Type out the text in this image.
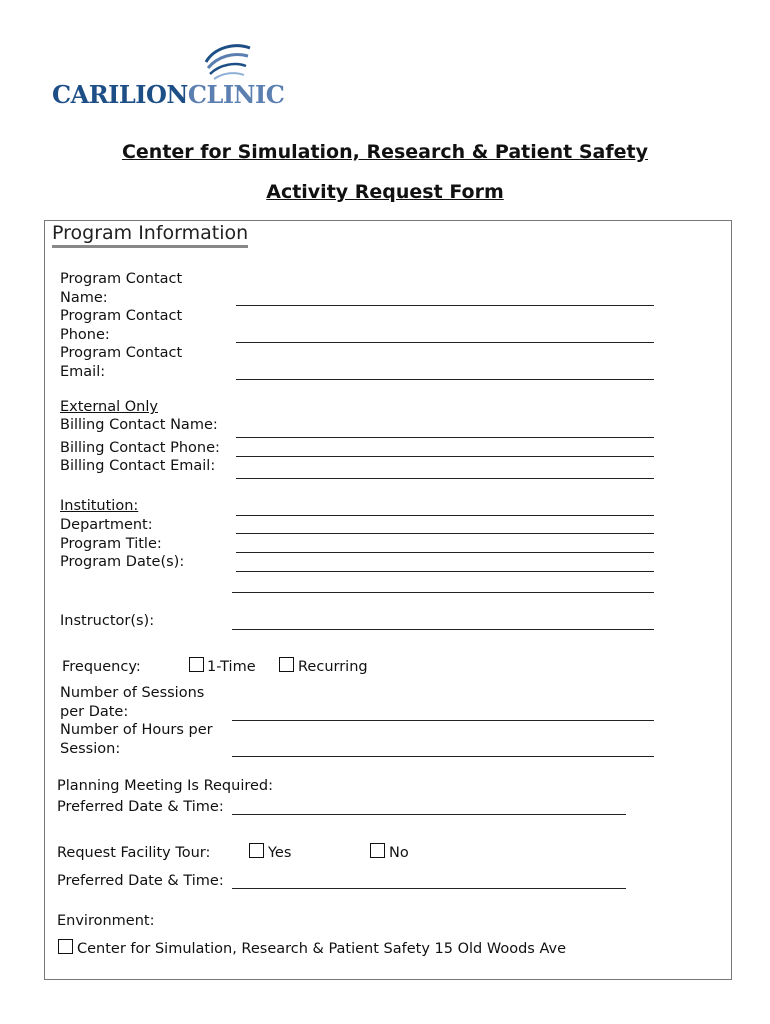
CARILIONCLINIC
Center for Simulation, Research & Patient Safety
Activity Request Form
Program Information
Program Contact
Name:
Program Contact
Phone:
Program Contact
Email:
External Only
Billing Contact Name:
Billing Contact Phone:
Billing Contact Email:
Institution:
Department:
Program Title:
Program Date(s):
Instructor(s):
Frequency:	1-Time	Recurring
Number of Sessions
per Date:
Number of Hours per
Session:
Planning Meeting Is Required:
Preferred Date & Time:
Request Facility Tour:	Yes	No
Preferred Date & Time:
Environment:
Center for Simulation, Research & Patient Safety 15 Old Woods Ave
